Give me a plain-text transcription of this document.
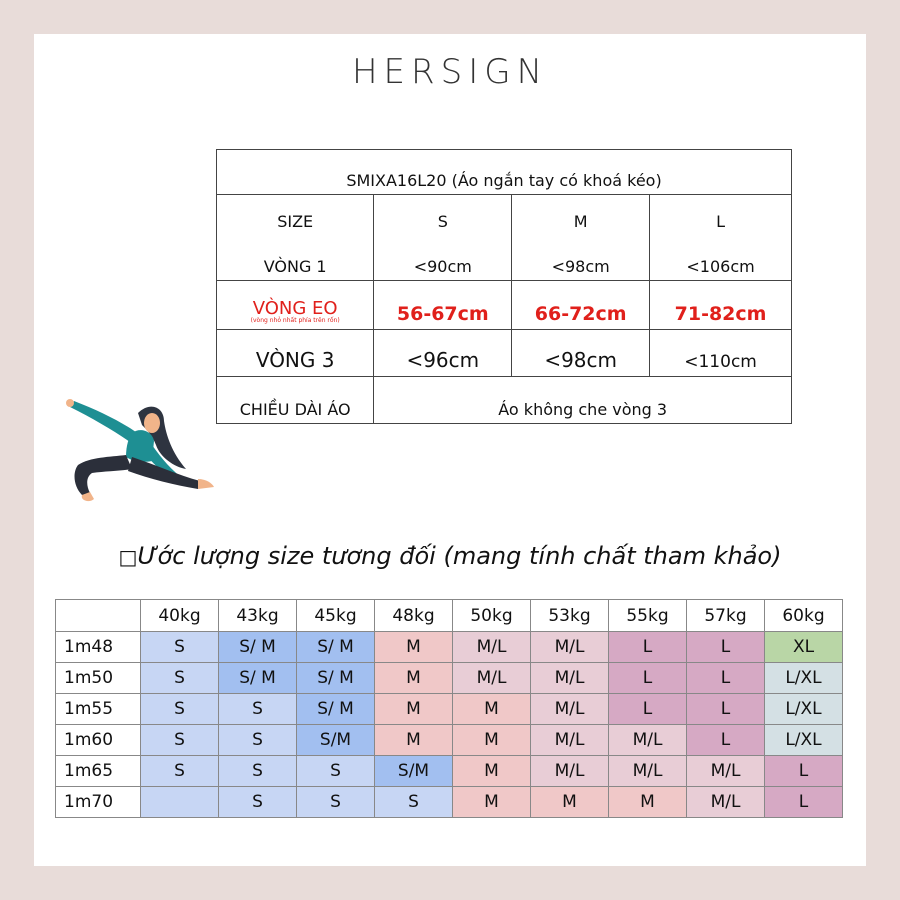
HERSIGN
SMIXA16L20 (Áo ngắn tay có khoá kéo)			
SIZE	S	M	L
VÒNG 1	<90cm	<98cm	<106cm
VÒNG EO
(vòng nhỏ nhất phía trên rốn)	56-67cm	66-72cm	71-82cm
VÒNG 3	<96cm	<98cm	<110cm
CHIỀU DÀI ÁO	Áo không che vòng 3		
□Ước lượng size tương đối (mang tính chất tham khảo)
	40kg	43kg	45kg	48kg	50kg	53kg	55kg	57kg	60kg
1m48	S	S/ M	S/ M	M	M/L	M/L	L	L	XL
1m50	S	S/ M	S/ M	M	M/L	M/L	L	L	L/XL
1m55	S	S	S/ M	M	M	M/L	L	L	L/XL
1m60	S	S	S/M	M	M	M/L	M/L	L	L/XL
1m65	S	S	S	S/M	M	M/L	M/L	M/L	L
1m70		S	S	S	M	M	M	M/L	L
